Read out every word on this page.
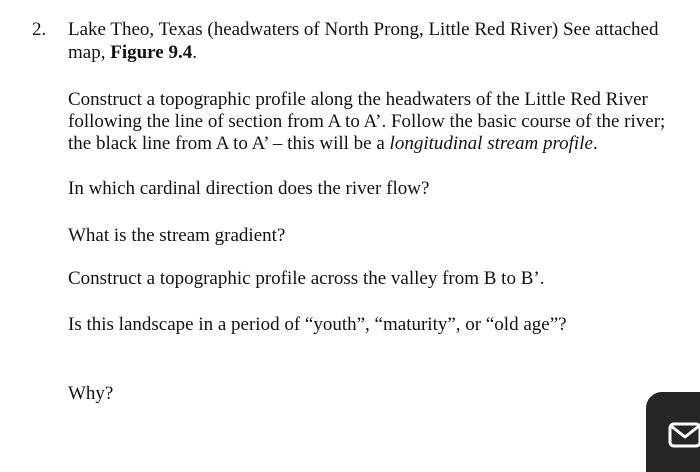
2. Lake Theo, Texas (headwaters of North Prong, Little Red River) See attached
map, Figure 9.4.
Construct a topographic profile along the headwaters of the Little Red River
following the line of section from A to A’. Follow the basic course of the river;
the black line from A to A’ – this will be a longitudinal stream profile.
In which cardinal direction does the river flow?
What is the stream gradient?
Construct a topographic profile across the valley from B to B’.
Is this landscape in a period of “youth”, “maturity”, or “old age”?
Why?
